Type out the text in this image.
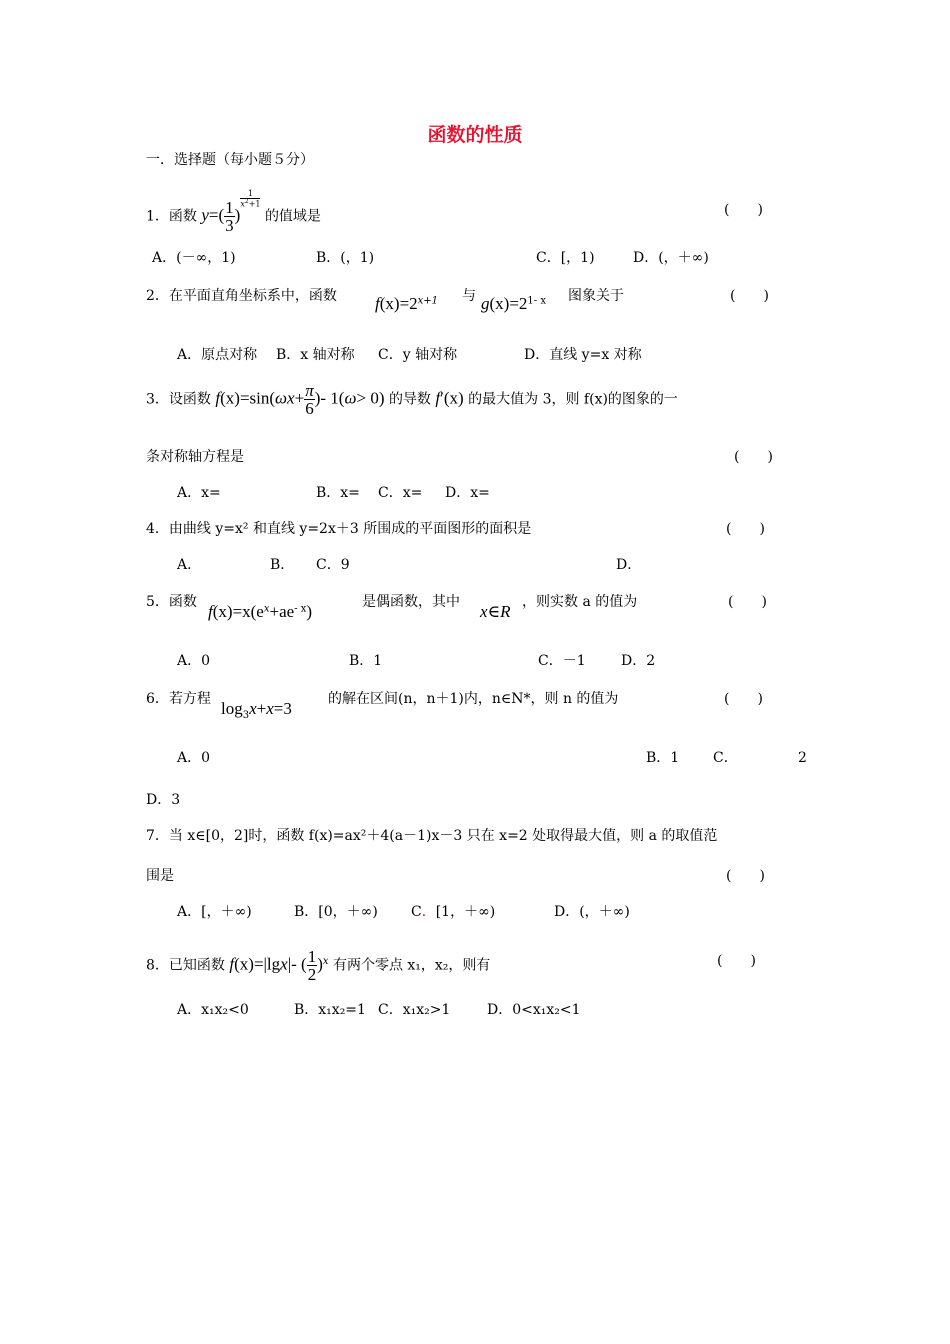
函数的性质
一．选择题（每小题５分）
1．函数 $y=( \frac{1}{3}$ )
$\frac{1}{x^2+1}$
的值域是	(　　)
A．(－∞，1)	B．(，1)	C．[，1)	D．(，＋∞)
2．在平面直角坐标系中，函数 $f(x)=2^{x+1}$ 与 $g(x)=2^{1- x}$ 图象关于	(　　)
A．原点对称 B．x 轴对称 C．y 轴对称	D．直线 y=x 对称
3．设函数 $f(x)=\sin(\omega x+ \frac{\pi}{6}$ )- 1(ω> 0) 的导数 f′(x) 的最大值为 3，则 f(x)的图象的一
条对称轴方程是	(　　)
A．x=	B．x= C．x= D．x=
4．由曲线 y=x² 和直线 y=2x＋3 所围成的平面图形的面积是	(　　)
A．	B． C．9	D．
5．函数 $f(x)=x(e^x+ae^{- x})$	是偶函数，其中 x∈R ，则实数 a 的值为	(　　)
A．0	B．1	C．－1	D．2
6．若方程 $\log_3x+x=3$	的解在区间(n，n＋1)内，n∈N*，则 n 的值为	(　　)
A．0	B．1 C．	2
D．3
7．当 x∈[0，2]时，函数 f(x)=ax²＋4(a－1)x－3 只在 x=2 处取得最大值，则 a 的取值范
围是	(　　)
A．[，＋∞)	B．[0，＋∞) C．[1，＋∞)	D．(，＋∞)
8．已知函数 f(x)=|lgx|- ( $\frac{1}{2} )^x$ 有两个零点 x₁，x₂，则有	(　　)
A．x₁x₂<0	B．x₁x₂=1 C．x₁x₂>1	D．0<x₁x₂<1
